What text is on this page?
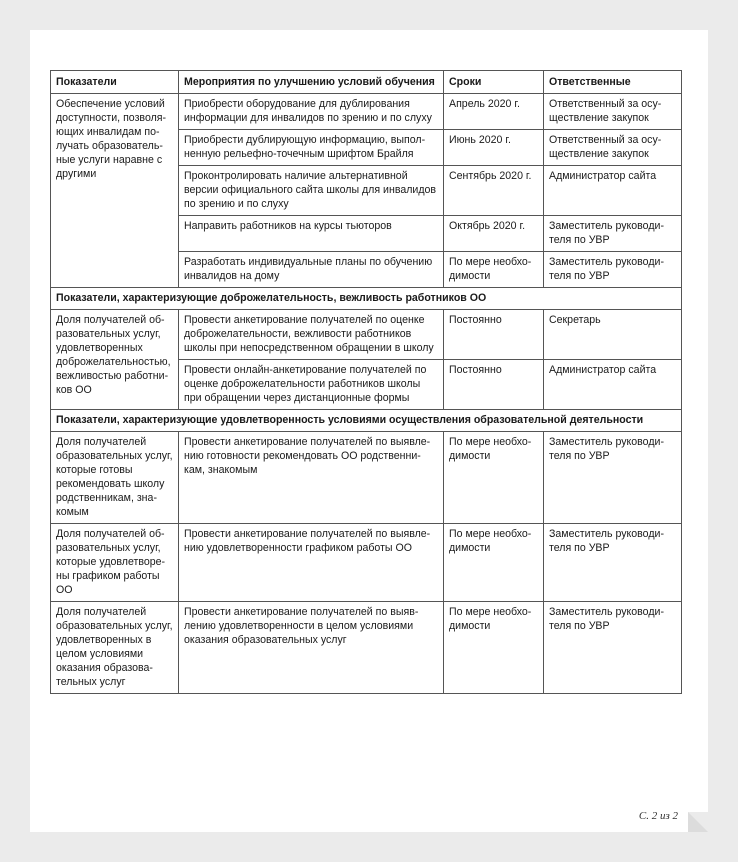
Показатели	Мероприятия по улучшению условий обучения	Сроки	Ответственные
Обеспечение условий доступности, позволяющих инвалидам получать образовательные услуги наравне с другими	Приобрести оборудование для дублирования информации для инвалидов по зрению и по слуху	Апрель 2020 г.	Ответственный за осуществление закупок
	Приобрести дублирующую информацию, выполненную рельефно-точечным шрифтом Брайля	Июнь 2020 г.	Ответственный за осуществление закупок
	Проконтролировать наличие альтернативной версии официального сайта школы для инвалидов по зрению и по слуху	Сентябрь 2020 г.	Администратор сайта
	Направить работников на курсы тьюторов	Октябрь 2020 г.	Заместитель руководителя по УВР
	Разработать индивидуальные планы по обучению инвалидов на дому	По мере необходимости	Заместитель руководителя по УВР
Показатели, характеризующие доброжелательность, вежливость работников ОО			
Доля получателей образовательных услуг, удовлетворенных доброжелательностью, вежливостью работников ОО	Провести анкетирование получателей по оценке доброжелательности, вежливости работников школы при непосредственном обращении в школу	Постоянно	Секретарь
	Провести онлайн-анкетирование получателей по оценке доброжелательности работников школы при обращении через дистанционные формы	Постоянно	Администратор сайта
Показатели, характеризующие удовлетворенность условиями осуществления образовательной деятельности			
Доля получателей образовательных услуг, которые готовы рекомендовать школу родственникам, знакомым	Провести анкетирование получателей по выявлению готовности рекомендовать ОО родственникам, знакомым	По мере необходимости	Заместитель руководителя по УВР
Доля получателей образовательных услуг, которые удовлетворены графиком работы ОО	Провести анкетирование получателей по выявлению удовлетворенности графиком работы ОО	По мере необходимости	Заместитель руководителя по УВР
Доля получателей образовательных услуг, удовлетворенных в целом условиями оказания образовательных услуг	Провести анкетирование получателей по выявлению удовлетворенности в целом условиями оказания образовательных услуг	По мере необходимости	Заместитель руководителя по УВР
С. 2 из 2
